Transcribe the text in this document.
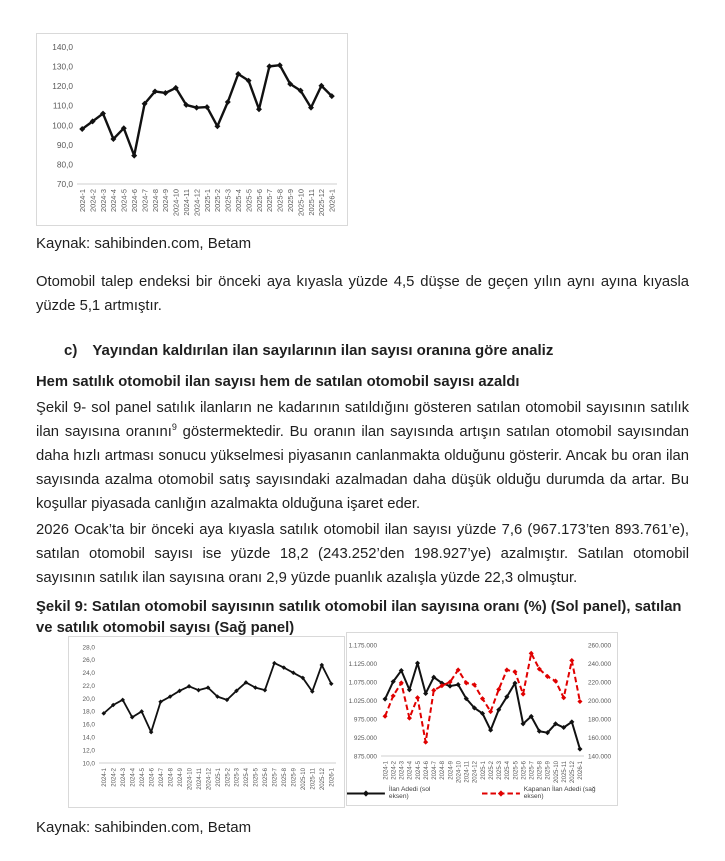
70,0
80,0
90,0
100,0
110,0
120,0
130,0
140,0
2024-1 2024-2 2024-3 2024-4 2024-5 2024-6 2024-7 2024-8 2024-9 2024-10 2024-11 2024-12 2025-1 2025-2 2025-3 2025-4 2025-5 2025-6 2025-7 2025-8 2025-9 2025-10 2025-11 2025-12 2026-1
Kaynak: sahibinden.com, Betam
Otomobil talep endeksi bir önceki aya kıyasla yüzde 4,5 düşse de geçen yılın aynı ayına kıyasla yüzde 5,1 artmıştır.
c) Yayından kaldırılan ilan sayılarının ilan sayısı oranına göre analiz
Hem satılık otomobil ilan sayısı hem de satılan otomobil sayısı azaldı
Şekil 9- sol panel satılık ilanların ne kadarının satıldığını gösteren satılan otomobil sayısının satılık ilan sayısına oranını$^9$ göstermektedir. Bu oranın ilan sayısında artışın satılan otomobil sayısından daha hızlı artması sonucu yükselmesi piyasanın canlanmakta olduğunu gösterir. Ancak bu oran ilan sayısında azalma otomobil satış sayısındaki azalmadan daha düşük olduğu durumda da artar. Bu koşullar piyasada canlığın azalmakta olduğuna işaret eder.
2026 Ocak’ta bir önceki aya kıyasla satılık otomobil ilan sayısı yüzde 7,6 (967.173’ten 893.761’e), satılan otomobil sayısı ise yüzde 18,2 (243.252’den 198.927’ye) azalmıştır. Satılan otomobil sayısının satılık ilan sayısına oranı 2,9 yüzde puanlık azalışla yüzde 22,3 olmuştur.
Şekil 9: Satılan otomobil sayısının satılık otomobil ilan sayısına oranı (%) (Sol panel), satılan ve satılık otomobil sayısı (Sağ panel)
10,0
12,0
14,0
16,0
18,0
20,0
22,0
24,0
26,0
28,0
2024-1 2024-2 2024-3 2024-4 2024-5 2024-6 2024-7 2024-8 2024-9 2024-10 2024-11 2024-12 2025-1 2025-2 2025-3 2025-4 2025-5 2025-6 2025-7 2025-8 2025-9 2025-10 2025-11 2025-12 2026-1
875.000
925.000
975.000
1.025.000
1.075.000
1.125.000
1.175.000
140.000
160.000
180.000
200.000
220.000
240.000
260.000
2024-1 2024-2 2024-3 2024-4 2024-5 2024-6 2024-7 2024-8 2024-9 2024-10 2024-11 2024-12 2025-1 2025-2 2025-3 2025-4 2025-5 2025-6 2025-7 2025-8 2025-9 2025-10 2025-11 2025-12 2026-1
İlan Adedi (sol eksen)
Kapanan İlan Adedi (sağ eksen)
Kaynak: sahibinden.com, Betam
